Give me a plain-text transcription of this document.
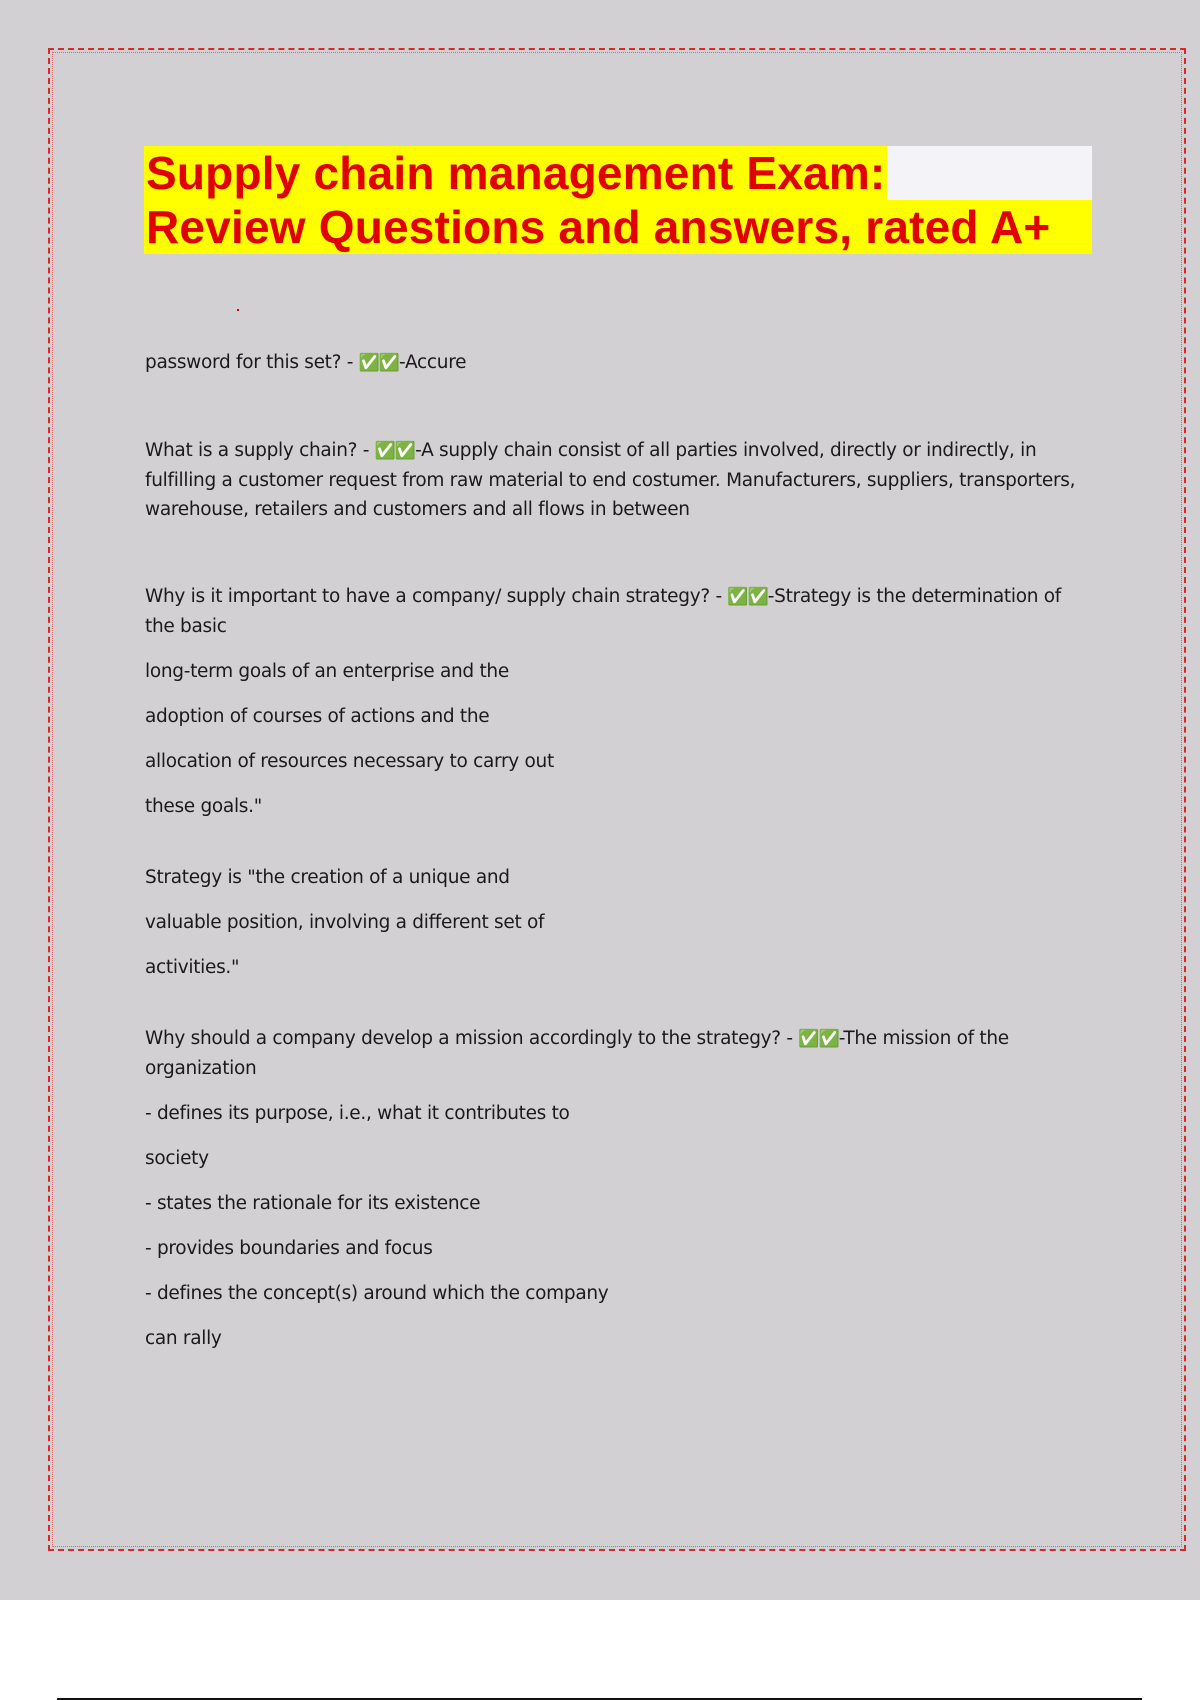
Supply chain management Exam:
Review Questions and answers, rated A+

password for this set? - ✅✅-Accure

What is a supply chain? - ✅✅-A supply chain consist of all parties involved, directly or indirectly, in fulfilling a customer request from raw material to end costumer. Manufacturers, suppliers, transporters, warehouse, retailers and customers and all flows in between

Why is it important to have a company/ supply chain strategy? - ✅✅-Strategy is the determination of the basic

long-term goals of an enterprise and the
adoption of courses of actions and the
allocation of resources necessary to carry out
these goals."

Strategy is "the creation of a unique and

valuable position, involving a different set of
activities."

Why should a company develop a mission accordingly to the strategy? - ✅✅-The mission of the organization

- defines its purpose, i.e., what it contributes to
society
- states the rationale for its existence
- provides boundaries and focus
- defines the concept(s) around which the company
can rally
